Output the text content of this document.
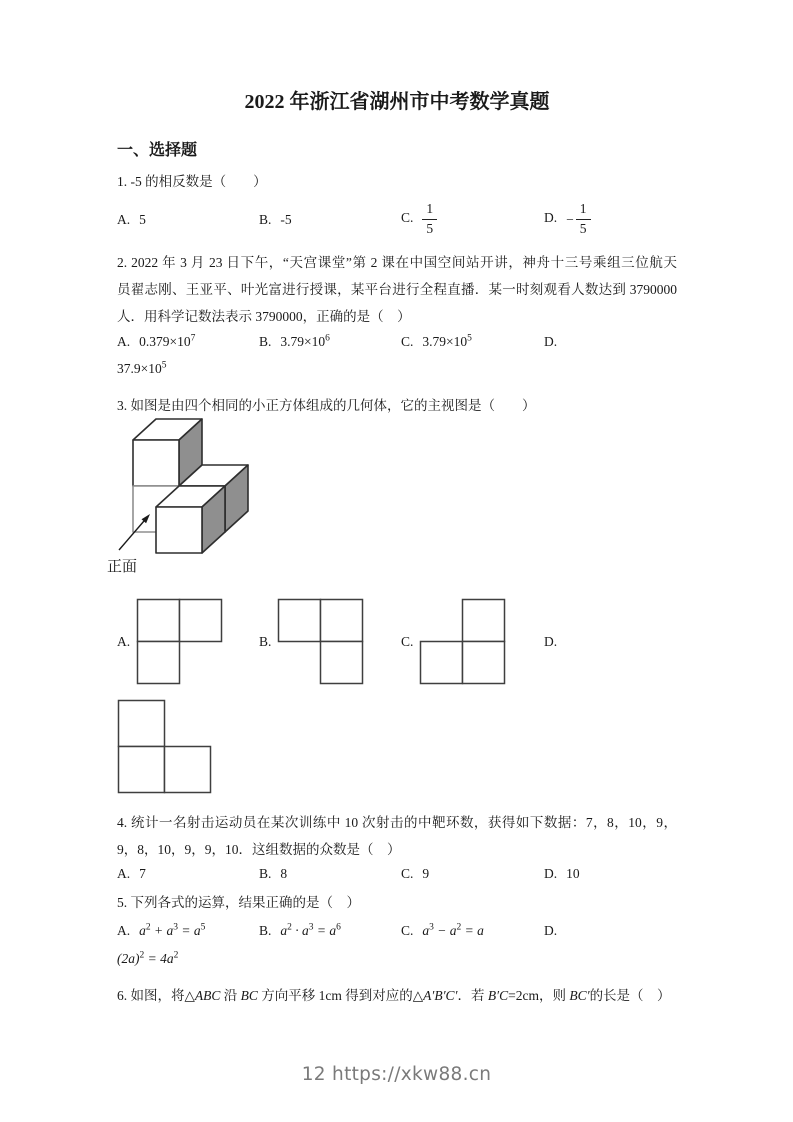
2022 年浙江省湖州市中考数学真题
一、选择题
1. -5 的相反数是（　　）
A. 5	B. -5	C. $\frac{1}{5}$	D. − $\frac{1}{5}$
2. 2022 年 3 月 23 日下午，“天宫课堂”第 2 课在中国空间站开讲，神舟十三号乘组三位航天
员翟志刚、王亚平、叶光富进行授课，某平台进行全程直播．某一时刻观看人数达到 3790000
人．用科学记数法表示 3790000，正确的是（　）
A. $0.379\times 10^7$	B. $3.79\times 10^6$	C. $3.79\times 10^5$	D.
$37.9\times 10^5$
3. 如图是由四个相同的小正方体组成的几何体，它的主视图是（　　）
正面
A.	B.	C.	D.
4. 统计一名射击运动员在某次训练中 10 次射击的中靶环数，获得如下数据：7，8，10，9，
9，8，10，9，9，10．这组数据的众数是（　）
A. 7	B. 8	C. 9	D. 10
5. 下列各式的运算，结果正确的是（　）
A. $a^2 + a^3 = a^5$	B. $a^2 \cdot a^3 = a^6$	C. $a^3 - a^2 = a$	D.
$(2a)^2 = 4a^2$
6. 如图，将△ABC 沿 BC 方向平移 1cm 得到对应的△A′B′C′．若 B′C=2cm，则 BC′的长是（　）
12 https://xkw88.cn
